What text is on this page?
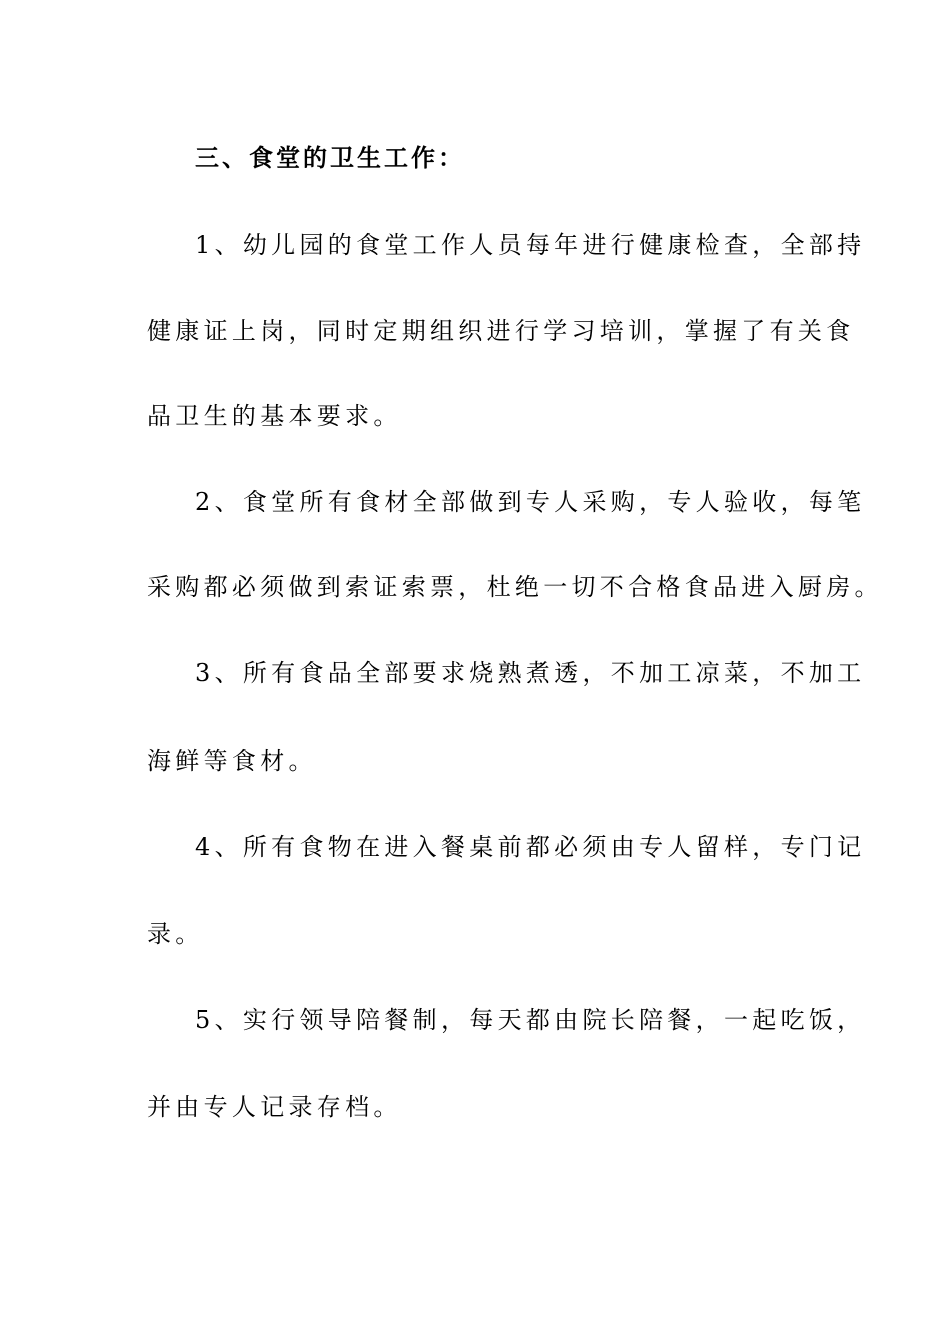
三、食堂的卫生工作：
1、幼儿园的食堂工作人员每年进行健康检查，全部持
健康证上岗，同时定期组织进行学习培训，掌握了有关食
品卫生的基本要求。
2、食堂所有食材全部做到专人采购，专人验收，每笔
采购都必须做到索证索票，杜绝一切不合格食品进入厨房。
3、所有食品全部要求烧熟煮透，不加工凉菜，不加工
海鲜等食材。
4、所有食物在进入餐桌前都必须由专人留样，专门记
录。
5、实行领导陪餐制，每天都由院长陪餐，一起吃饭，
并由专人记录存档。
